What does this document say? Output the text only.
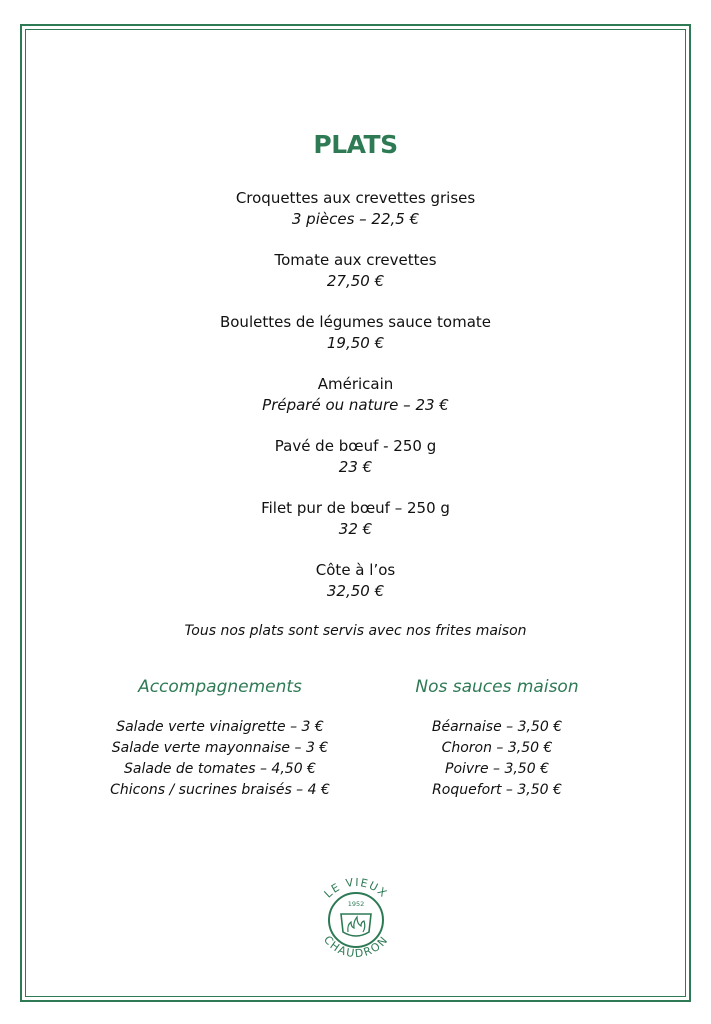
PLATS
Croquettes aux crevettes grises
3 pièces – 22,5 €
Tomate aux crevettes
27,50 €
Boulettes de légumes sauce tomate
19,50 €
Américain
Préparé ou nature – 23 €
Pavé de bœuf - 250 g
23 €
Filet pur de bœuf – 250 g
32 €
Côte à l’os
32,50 €
Tous nos plats sont servis avec nos frites maison
Accompagnements
Salade verte vinaigrette – 3 €
Salade verte mayonnaise – 3 €
Salade de tomates – 4,50 €
Chicons / sucrines braisés – 4 €
Nos sauces maison
Béarnaise – 3,50 €
Choron – 3,50 €
Poivre – 3,50 €
Roquefort – 3,50 €
LE VIEUX
CHAUDRON
1952
